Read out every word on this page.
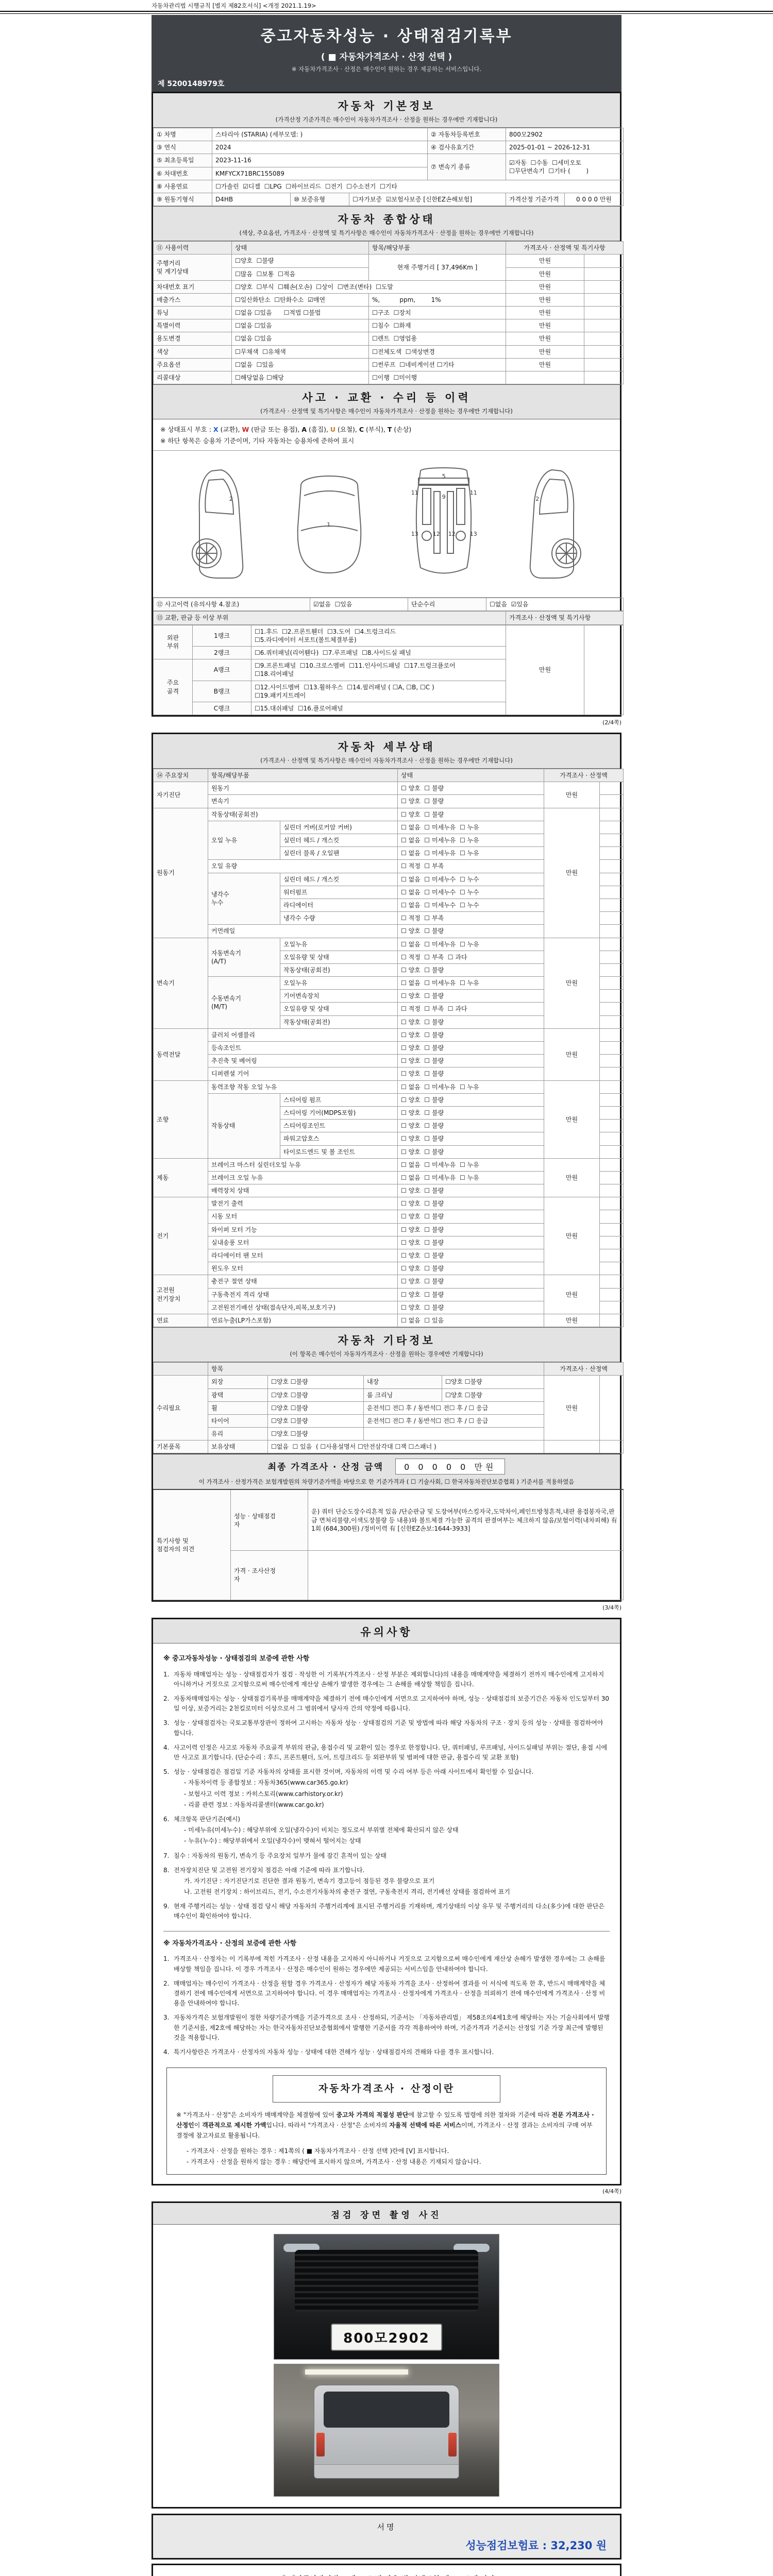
자동차관리법 시행규칙 [별지 제82호서식] <개정 2021.1.19>
중고자동차성능 · 상태점검기록부
( ■ 자동차가격조사 · 산정 선택 )
※ 자동차가격조사 · 산정은 매수인이 원하는 경우 제공하는 서비스입니다.
제 5200148979호
자동차 기본정보
(가격산정 기준가격은 매수인이 자동차가격조사 · 산정을 원하는 경우에만 기재합니다)
① 차명	스타리아 (STARIA) (세부모델: )			② 자동차등록번호	800모2902	
③ 연식	2024			④ 검사유효기간	2025-01-01 ~ 2026-12-31	
⑤ 최초등록일	2023-11-16			⑦ 변속기 종류	☑자동  ☐수동  ☐세미오토
☐무단변속기  ☐기타 (        )	
⑥ 차대번호	KMFYCX71BRC155089					
⑧ 사용연료	☐가솔린  ☑디젤  ☐LPG  ☐하이브리드  ☐전기  ☐수소전기  ☐기타					
⑨ 원동기형식	D4HB	⑩ 보증유형	☐자가보증  ☑보험사보증 [신한EZ손해보험]		가격산정 기준가격	0 0 0 0 만원
자동차 종합상태
(색상, 주요옵션, 가격조사 · 산정액 및 특기사항은 매수인이 자동차가격조사 · 산정을 원하는 경우에만 기재합니다)
⑪ 사용이력	상태	항목/해당부품	가격조사 · 산정액 및 특기사항	
주행거리
및 계기상태	☐양호  ☐불량	현재 주행거리 [ 37,496Km ]	만원	
	☐많음  ☐보통  ☐적음		만원	
차대번호 표기	☐양호  ☐부식  ☐훼손(오손)  ☐상이  ☐변조(변타)  ☐도말		만원	
배출가스	☐일산화탄소  ☐탄화수소  ☑매연	%,          ppm,        1%	만원	
튜닝	☐없음 ☐있음      ☐적법 ☐불법	☐구조  ☐장치	만원	
특별이력	☐없음 ☐있음	☐침수  ☐화재	만원	
용도변경	☐없음 ☐있음	☐렌트  ☐영업용	만원	
색상	☐무채색  ☐유채색	☐전체도색  ☐색상변경	만원	
주요옵션	☐없음  ☐있음	☐썬루프  ☐네비게이션 ☐기타	만원	
리콜대상	☐해당없음 ☐해당	☐이행  ☐미이행		
사고 · 교환 · 수리 등 이력
(가격조사 · 산정액 및 특기사항은 매수인이 자동차가격조사 · 산정을 원하는 경우에만 기재합니다)
※ 상태표시 부호 : X (교환), W (판금 또는 용접), A (흠집), U (요철), C (부식), T (손상)
※ 하단 항목은 승용차 기준이며, 기타 자동차는 승용차에 준하여 표시
2
1
11	11
13	12 12	13
9
5
2
⑫ 사고이력 (유의사항 4.참조)	☑없음  ☐있음	단순수리	☐없음  ☑있음
⑬ 교환, 판금 등 이상 부위	가격조사 · 산정액 및 특기사항
외판
부위	1랭크	☐1.후드  ☐2.프론트휀더  ☐3.도어  ☐4.트렁크리드
☐5.라디에이터 서포트(볼트체결부품)	만원	
	2랭크	☐6.쿼터패널(리어휀다)  ☐7.루프패널  ☐8.사이드실 패널		
주요
골격	A랭크	☐9.프론트패널  ☐10.크로스멤버  ☐11.인사이드패널  ☐17.트렁크플로어
☐18.리어패널		
	B랭크	☐12.사이드멤버  ☐13.휠하우스  ☐14.필러패널 ( ☐A, ☐B, ☐C )
☐19.패키지트레이		
	C랭크	☐15.대쉬패널  ☐16.플로어패널		
(2/4쪽)
자동차 세부상태
(가격조사 · 산정액 및 특기사항은 매수인이 자동차가격조사 · 산정을 원하는 경우에만 기재합니다)
⑭ 주요장치	항목/해당부품		상태	가격조사 · 산정액	
자기진단	원동기		☐ 양호  ☐ 불량	만원	
	변속기		☐ 양호  ☐ 불량		
원동기	작동상태(공회전)		☐ 양호  ☐ 불량	만원	
	오일 누유	실린더 커버(로커암 커버)	☐ 없음  ☐ 미세누유  ☐ 누유		
		실린더 헤드 / 개스킷	☐ 없음  ☐ 미세누유  ☐ 누유		
		실린더 블록 / 오일팬	☐ 없음  ☐ 미세누유  ☐ 누유		
	오일 유량		☐ 적정  ☐ 부족		
	냉각수
누수	실린더 헤드 / 개스킷	☐ 없음  ☐ 미세누수  ☐ 누수		
		워터펌프	☐ 없음  ☐ 미세누수  ☐ 누수		
		라디에이터	☐ 없음  ☐ 미세누수  ☐ 누수		
		냉각수 수량	☐ 적정  ☐ 부족		
	커먼레일		☐ 양호  ☐ 불량		
변속기	자동변속기
(A/T)	오일누유	☐ 없음  ☐ 미세누유  ☐ 누유	만원	
		오일유량 및 상태	☐ 적정  ☐ 부족  ☐ 과다		
		작동상태(공회전)	☐ 양호  ☐ 불량		
	수동변속기
(M/T)	오일누유	☐ 없음  ☐ 미세누유  ☐ 누유		
		기어변속장치	☐ 양호  ☐ 불량		
		오일유량 및 상태	☐ 적정  ☐ 부족  ☐ 과다		
		작동상태(공회전)	☐ 양호  ☐ 불량		
동력전달	클러치 어셈블리		☐ 양호  ☐ 불량	만원	
	등속조인트		☐ 양호  ☐ 불량		
	추진축 및 베어링		☐ 양호  ☐ 불량		
	디퍼렌셜 기어		☐ 양호  ☐ 불량		
조향	동력조향 작동 오일 누유		☐ 없음  ☐ 미세누유  ☐ 누유	만원	
	작동상태	스티어링 펌프	☐ 양호  ☐ 불량		
		스티어링 기어(MDPS포함)	☐ 양호  ☐ 불량		
		스티어링조인트	☐ 양호  ☐ 불량		
		파워고압호스	☐ 양호  ☐ 불량		
		타이로드엔드 및 볼 조인트	☐ 양호  ☐ 불량		
제동	브레이크 마스터 실린더오일 누유		☐ 없음  ☐ 미세누유  ☐ 누유	만원	
	브레이크 오일 누유		☐ 없음  ☐ 미세누유  ☐ 누유		
	배력장치 상태		☐ 양호  ☐ 불량		
전기	발전기 출력		☐ 양호  ☐ 불량	만원	
	시동 모터		☐ 양호  ☐ 불량		
	와이퍼 모터 기능		☐ 양호  ☐ 불량		
	실내송풍 모터		☐ 양호  ☐ 불량		
	라디에이터 팬 모터		☐ 양호  ☐ 불량		
	윈도우 모터		☐ 양호  ☐ 불량		
고전원
전기장치	충전구 절연 상태		☐ 양호  ☐ 불량	만원	
	구동축전지 격리 상태		☐ 양호  ☐ 불량		
	고전원전기배선 상태(접속단자,피복,보호기구)		☐ 양호  ☐ 불량		
연료	연료누출(LP가스포함)		☐ 없음  ☐ 있음	만원	
자동차 기타정보
(이 항목은 매수인이 자동차가격조사 · 산정을 원하는 경우에만 기재합니다)
	항목				가격조사 · 산정액	
수리필요	외장	☐양호 ☐불량	내장	☐양호 ☐불량	만원	
	광택	☐양호 ☐불량	룸 크리닝	☐양호 ☐불량		
	휠	☐양호 ☐불량	운전석☐ 전☐ 후 / 동반석☐ 전☐ 후 / ☐ 응급			
	타이어	☐양호 ☐불량	운전석☐ 전☐ 후 / 동반석☐ 전☐ 후 / ☐ 응급			
	유리	☐양호 ☐불량				
기본품목	보유상태	☐없음  ☐ 있음  ( ☐사용설명서 ☐안전삼각대 ☐잭 ☐스패너 )				
최종 가격조사 · 산정 금액	0 0 0 0 0 만원
이 가격조사 · 산정가격은 보험개발원의 차량기준가액을 바탕으로 한 기준가격과 ( ☐ 기술사회, ☐ 한국자동차진단보증협회 ) 기준서를 적용하였음
특기사항 및
점검자의 의견	성능 · 상태점검
자	운) 쿼터 단순도장수리흔적 있음 /단순판금 및 도장여부(마스킹자국,도막차이,페인트방청흔적,내판 용접봉자국,판금 면처리불량,이색도장불량 등 내용)와 볼트체결 가능한 골격의 판결여부는 체크하지 않음/보험이력(내차피해) 有 1회 (684,300원) /정비이력 有 [신한EZ손보:1644-3933]
	가격 · 조사산정
자	
(3/4쪽)
유의사항
※ 중고자동차성능 · 상태점검의 보증에 관한 사항
1. 자동차 매매업자는 성능 · 상태점검자가 점검 · 작성한 이 기록부(가격조사 · 산정 부분은 제외합니다)의 내용을 매매계약을 체결하기 전까지 매수인에게 고지하지 아니하거나 거짓으로 고지함으로써 매수인에게 재산상 손해가 발생한 경우에는 그 손해를 배상할 책임을 집니다.
2. 자동차매매업자는 성능 · 상태점검기록부를 매매계약을 체결하기 전에 매수인에게 서면으로 고지하여야 하며, 성능 · 상태점검의 보증기간은 자동차 인도일부터 30일 이상, 보증거리는 2천킬로미터 이상으로서 그 범위에서 당사자 간의 약정에 따릅니다.
3. 성능 · 상태점검자는 국토교통부장관이 정하여 고시하는 자동차 성능 · 상태점검의 기준 및 방법에 따라 해당 자동차의 구조 · 장치 등의 성능 · 상태를 점검하여야 합니다.
4. 사고이력 인정은 사고로 자동차 주요골격 부위의 판금, 용접수리 및 교환이 있는 경우로 한정합니다. 단, 쿼터패널, 루프패널, 사이드실패널 부위는 절단, 용접 시에만 사고로 표기합니다. (단순수리 : 후드, 프론트휀더, 도어, 트렁크리드 등 외판부위 및 범퍼에 대한 판금, 용접수리 및 교환 포함)
5. 성능 · 상태점검은 점검일 기준 자동차의 상태를 표시한 것이며, 자동차의 이력 및 수리 여부 등은 아래 사이트에서 확인할 수 있습니다.
- 자동차이력 등 종합정보 : 자동차365(www.car365.go.kr)
- 보험사고 이력 정보 : 카히스토리(www.carhistory.or.kr)
- 리콜 관련 정보 : 자동차리콜센터(www.car.go.kr)
6. 체크항목 판단기준(예시)
- 미세누유(미세누수) : 해당부위에 오일(냉각수)이 비치는 정도로서 부위별 전체에 확산되지 않은 상태
- 누유(누수) : 해당부위에서 오일(냉각수)이 맺혀서 떨어지는 상태
7. 침수 : 자동차의 원동기, 변속기 등 주요장치 일부가 물에 잠긴 흔적이 있는 상태
8. 전자장치진단 및 고전원 전기장치 점검은 아래 기준에 따라 표기합니다.
가. 자기진단 : 자기진단기로 진단한 결과 원동기, 변속기 경고등이 점등된 경우 불량으로 표기
나. 고전원 전기장치 : 하이브리드, 전기, 수소전기자동차의 충전구 절연, 구동축전지 격리, 전기배선 상태를 점검하여 표기
9. 현재 주행거리는 성능 · 상태 점검 당시 해당 자동차의 주행거리계에 표시된 주행거리를 기재하며, 계기상태의 이상 유무 및 주행거리의 다소(多少)에 대한 판단은 매수인이 확인하여야 합니다.
※ 자동차가격조사 · 산정의 보증에 관한 사항
1. 가격조사 · 산정자는 이 기록부에 적힌 가격조사 · 산정 내용을 고지하지 아니하거나 거짓으로 고지함으로써 매수인에게 재산상 손해가 발생한 경우에는 그 손해를 배상할 책임을 집니다. 이 경우 가격조사 · 산정은 매수인이 원하는 경우에만 제공되는 서비스임을 안내하여야 합니다.
2. 매매업자는 매수인이 가격조사 · 산정을 원할 경우 가격조사 · 산정자가 해당 자동차 가격을 조사 · 산정하여 결과를 이 서식에 적도록 한 후, 반드시 매매계약을 체결하기 전에 매수인에게 서면으로 고지하여야 합니다. 이 경우 매매업자는 가격조사 · 산정자에게 가격조사 · 산정을 의뢰하기 전에 매수인에게 가격조사 · 산정 비용을 안내하여야 합니다.
3. 자동차가격은 보험개발원이 정한 차량기준가액을 기준가격으로 조사 · 산정하되, 기준서는 「자동차관리법」 제58조의4제1호에 해당하는 자는 기술사회에서 발행한 기준서를, 제2호에 해당하는 자는 한국자동차진단보증협회에서 발행한 기준서를 각각 적용하여야 하며, 기준가격과 기준서는 산정일 기준 가장 최근에 발행된 것을 적용합니다.
4. 특기사항란은 가격조사 · 산정자의 자동차 성능 · 상태에 대한 견해가 성능 · 상태점검자의 견해와 다를 경우 표시합니다.
자동차가격조사 · 산정이란
※ "가격조사 · 산정"은 소비자가 매매계약을 체결함에 있어 중고차 가격의 적절성 판단에 참고할 수 있도록 법령에 의한 절차와 기준에 따라 전문 가격조사 · 산정인이 객관적으로 제시한 가액입니다. 따라서 "가격조사 · 산정"은 소비자의 자율적 선택에 따른 서비스이며, 가격조사 · 산정 결과는 소비자의 구매 여부 결정에 참고자료로 활용됩니다.
- 가격조사 · 산정을 원하는 경우 : 제1쪽의 ( ■ 자동차가격조사 · 산정 선택 )란에 [V] 표시합니다.
- 가격조사 · 산정을 원하지 않는 경우 : 해당란에 표시하지 않으며, 가격조사 · 산정 내용은 기재되지 않습니다.
(4/4쪽)
점검 장면 촬영 사진
800모2902
서명
성능점검보험료 : 32,230 원
